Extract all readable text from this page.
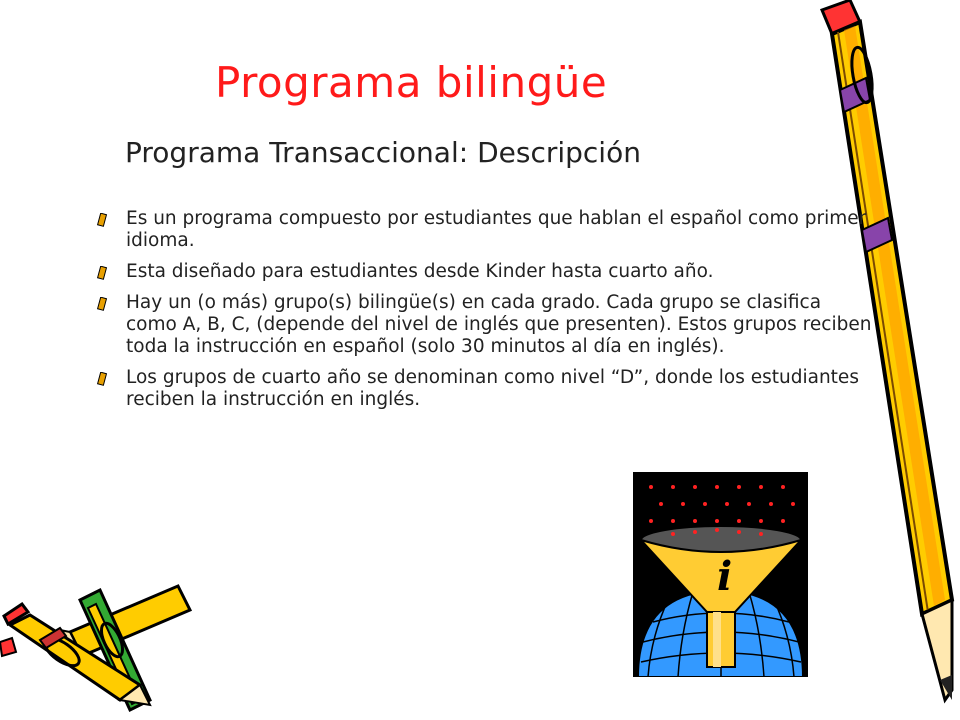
Programa bilingüe
Programa Transaccional: Descripción
Es un programa compuesto por estudiantes que hablan el español como primer idioma.
Esta diseñado para estudiantes desde Kinder hasta cuarto año.
Hay un (o más) grupo(s) bilingüe(s) en cada grado. Cada grupo se clasifica como A, B, C, (depende del nivel de inglés que presenten). Estos grupos reciben toda la instrucción en español (solo 30 minutos al día en inglés).
Los grupos de cuarto año se denominan como nivel “D”, donde los estudiantes reciben la instrucción en inglés.
i
